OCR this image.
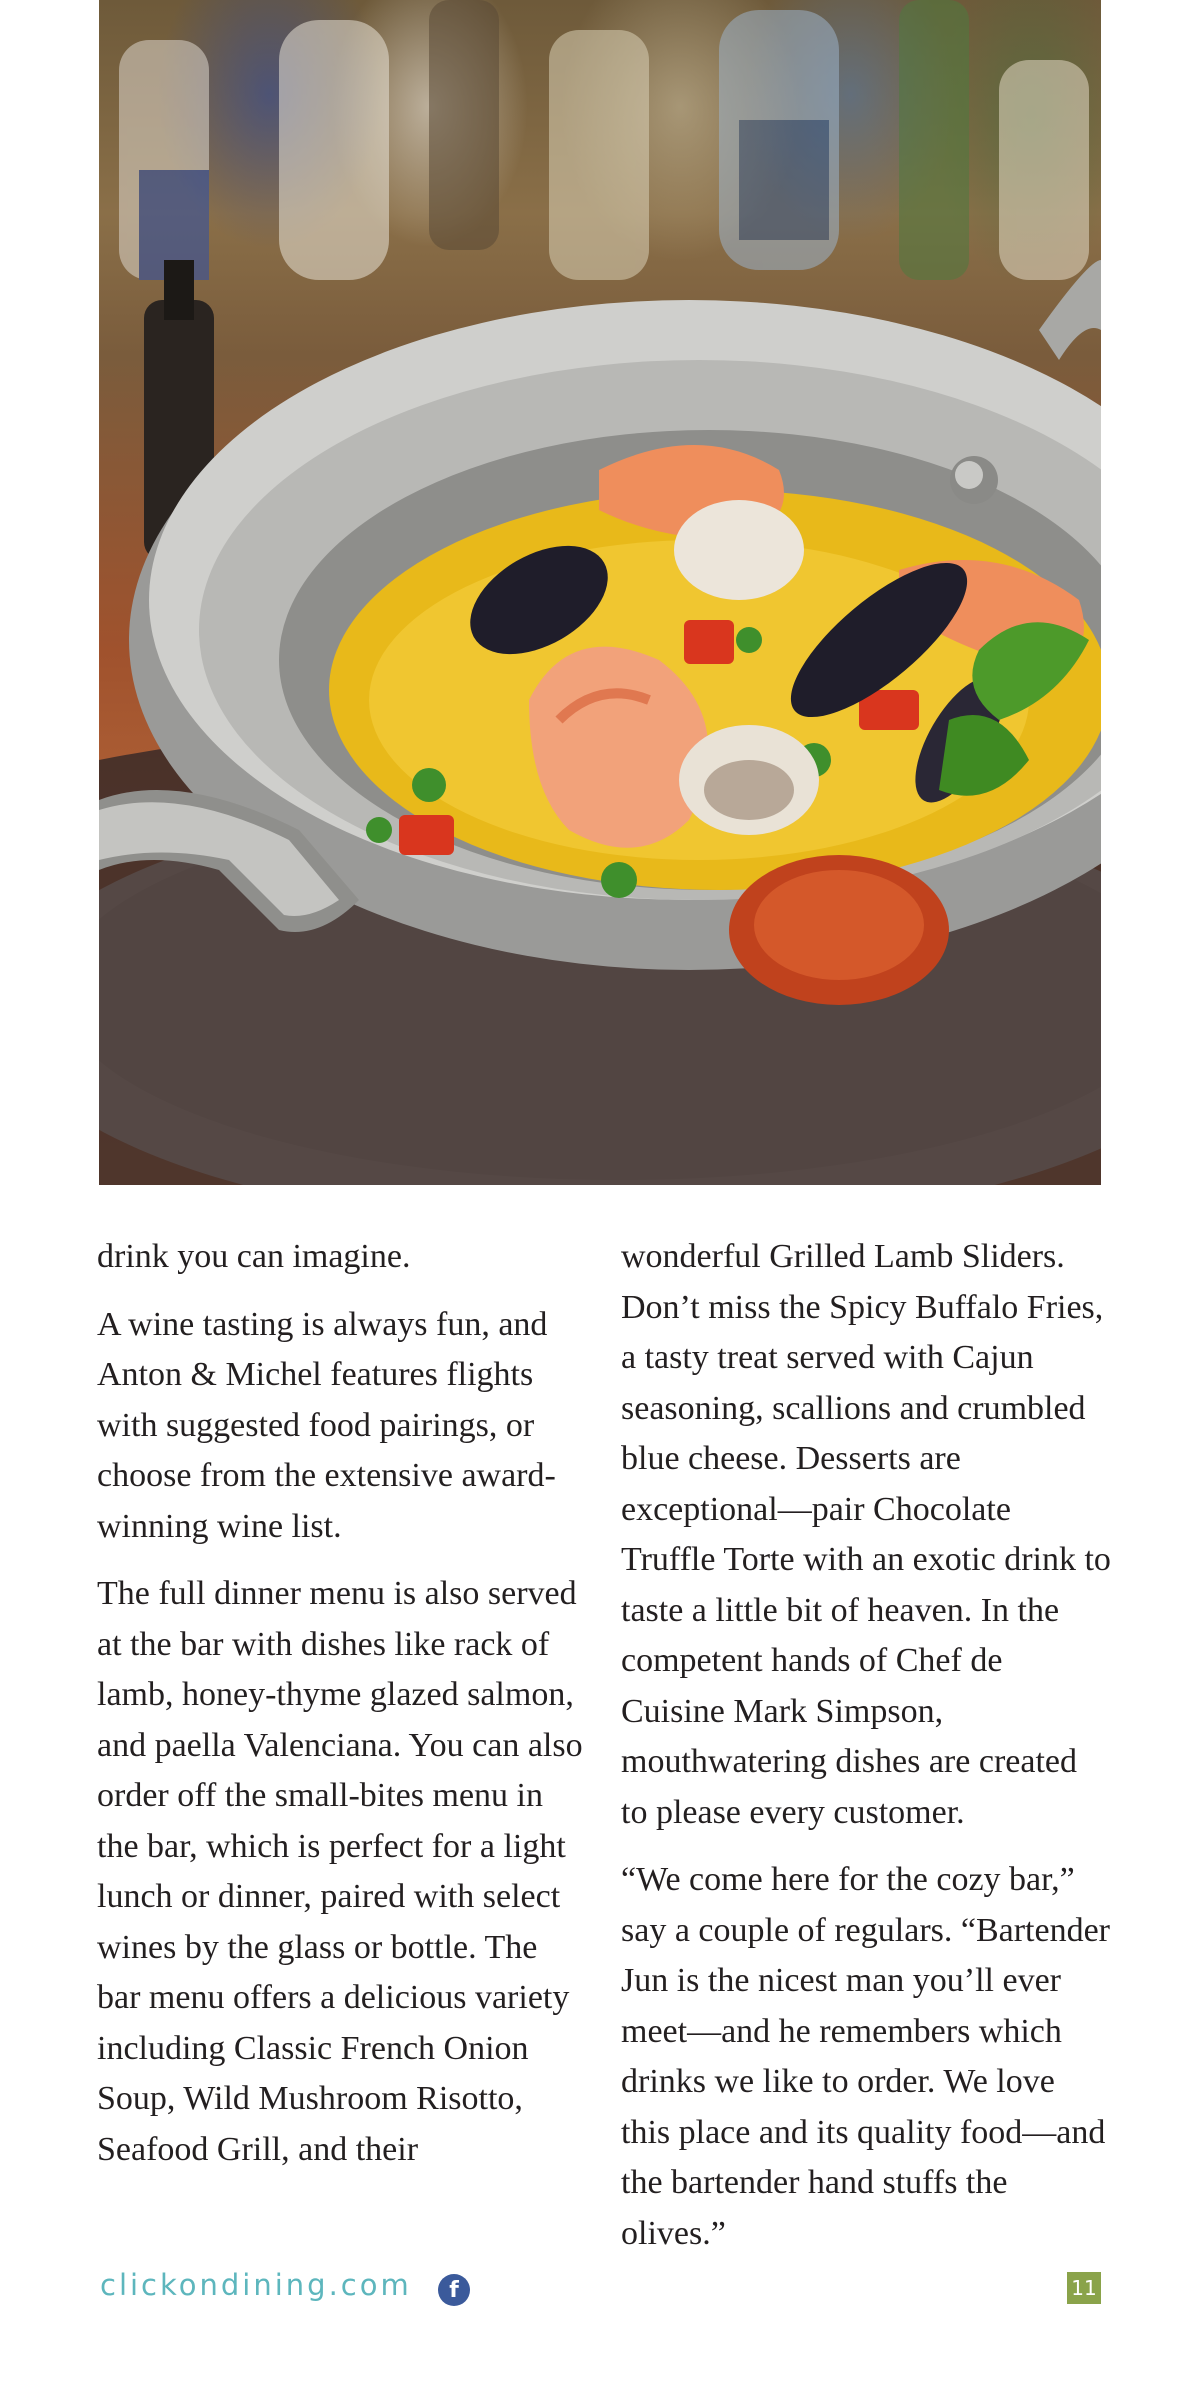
drink you can imagine.

A wine tasting is always fun, and Anton & Michel features flights with suggested food pairings, or choose from the extensive award-winning wine list.

The full dinner menu is also served at the bar with dishes like rack of lamb, honey-thyme glazed salmon, and paella Valenciana. You can also order off the small-bites menu in the bar, which is perfect for a light lunch or dinner, paired with select wines by the glass or bottle. The bar menu offers a delicious variety including Classic French Onion Soup, Wild Mushroom Risotto, Seafood Grill, and their

wonderful Grilled Lamb Sliders. Don’t miss the Spicy Buffalo Fries, a tasty treat served with Cajun seasoning, scallions and crumbled blue cheese. Desserts are exceptional—pair Chocolate Truffle Torte with an exotic drink to taste a little bit of heaven. In the competent hands of Chef de Cuisine Mark Simpson, mouthwatering dishes are created to please every customer.

“We come here for the cozy bar,” say a couple of regulars. “Bartender Jun is the nicest man you’ll ever meet—and he remembers which drinks we like to order. We love this place and its quality food—and the bartender hand stuffs the olives.”

clickondining.com	f	11
